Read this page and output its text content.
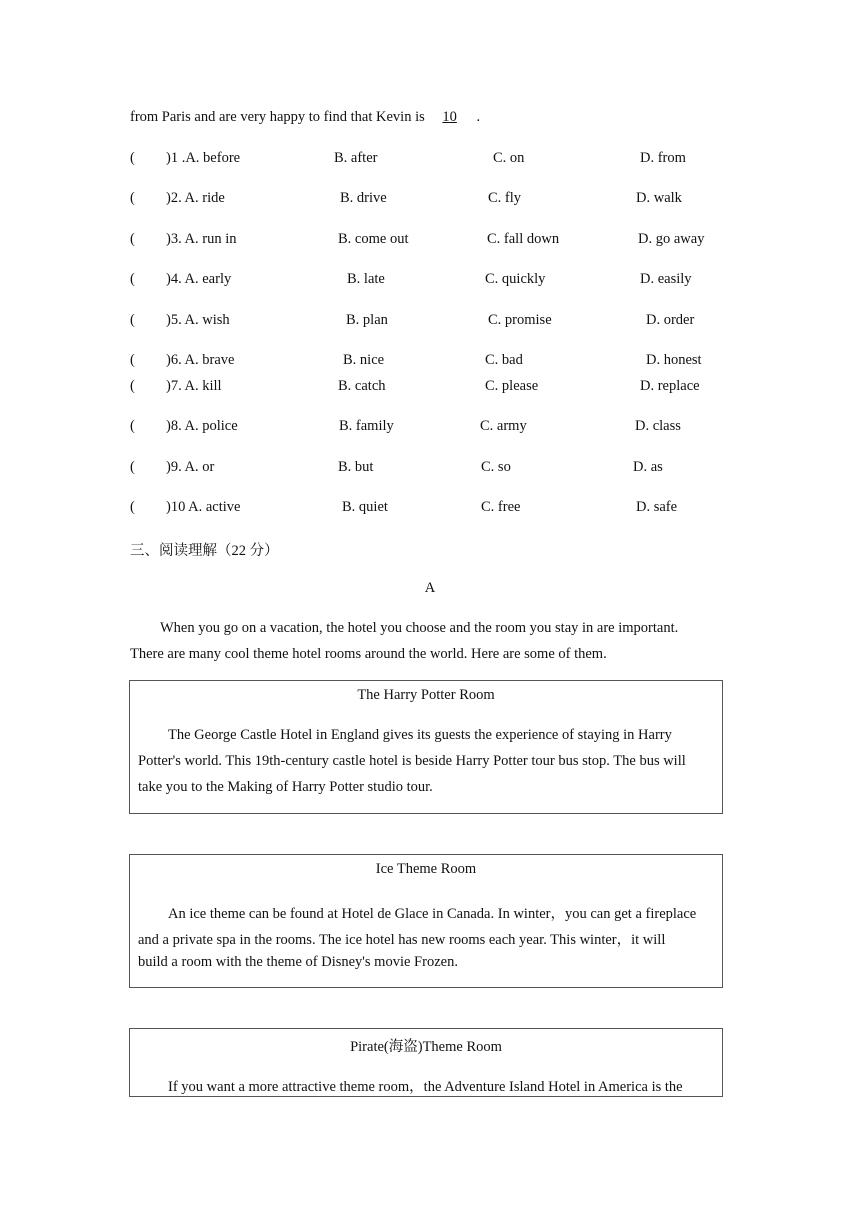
from Paris and are very happy to find that Kevin is 10 .
( )1 .A. before	B. after	C. on	D. from
( )2. A. ride	B. drive	C. fly	D. walk
( )3. A. run in	B. come out	C. fall down	D. go away
( )4. A. early	B. late	C. quickly	D. easily
( )5. A. wish	B. plan	C. promise	D. order
( )6. A. brave	B. nice	C. bad	D. honest
( )7. A. kill	B. catch	C. please	D. replace
( )8. A. police	B. family	C. army	D. class
( )9. A. or	B. but	C. so	D. as
( )10 A. active	B. quiet	C. free	D. safe
三、阅读理解（22 分）
A
When you go on a vacation, the hotel you choose and the room you stay in are important.
There are many cool theme hotel rooms around the world. Here are some of them.
The Harry Potter Room
The George Castle Hotel in England gives its guests the experience of staying in Harry
Potter's world. This 19th-century castle hotel is beside Harry Potter tour bus stop. The bus will
take you to the Making of Harry Potter studio tour.
Ice Theme Room
An ice theme can be found at Hotel de Glace in Canada. In winter，you can get a fireplace
and a private spa in the rooms. The ice hotel has new rooms each year. This winter，it will
build a room with the theme of Disney's movie Frozen.
Pirate(海盗)Theme Room
If you want a more attractive theme room，the Adventure Island Hotel in America is the
